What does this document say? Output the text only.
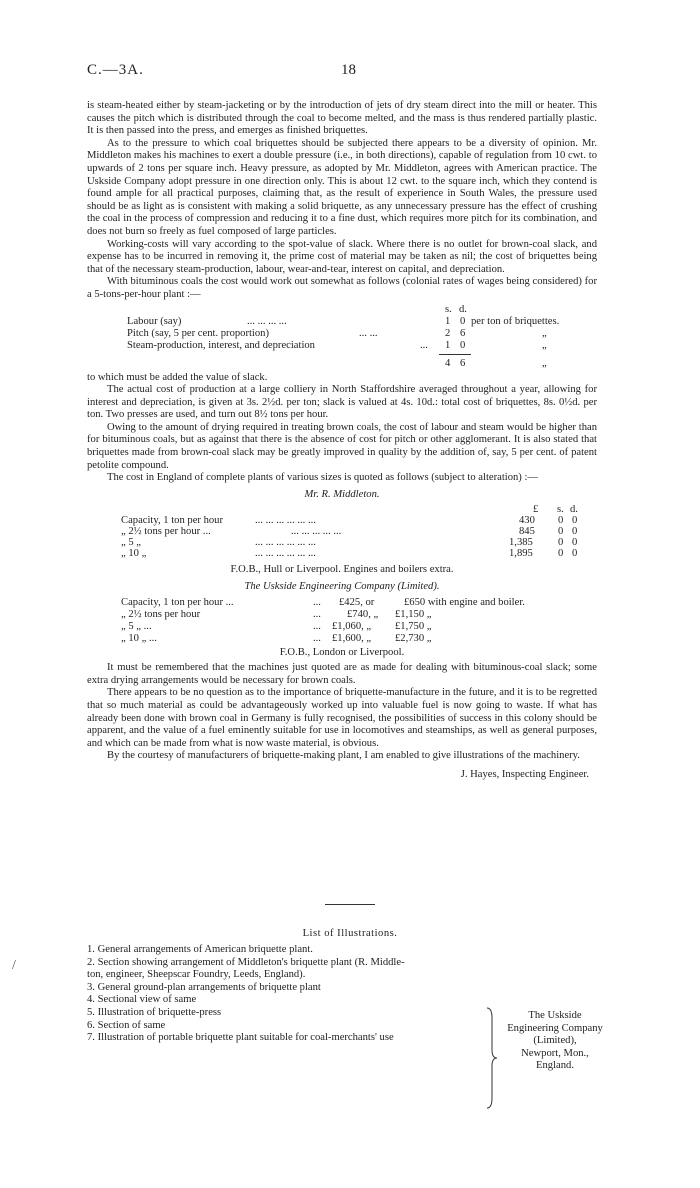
C.—3A.	18

is steam-heated either by steam-jacketing or by the introduction of jets of dry steam direct into the mill or heater. This causes the pitch which is distributed through the coal to become melted, and the mass is thus rendered partially plastic. It is then passed into the press, and emerges as finished briquettes.

As to the pressure to which coal briquettes should be subjected there appears to be a diversity of opinion. Mr. Middleton makes his machines to exert a double pressure (i.e., in both directions), capable of regulation from 10 cwt. to upwards of 2 tons per square inch. Heavy pressure, as adopted by Mr. Middleton, agrees with American practice. The Uskside Company adopt pressure in one direction only. This is about 12 cwt. to the square inch, which they contend is found ample for all practical purposes, claiming that, as the result of experience in South Wales, the pressure used should be as light as is consistent with making a solid briquette, as any unnecessary pressure has the effect of crushing the coal in the process of compression and reducing it to a fine dust, which requires more pitch for its combination, and does not burn so freely as fuel composed of large particles.

Working-costs will vary according to the spot-value of slack. Where there is no outlet for brown-coal slack, and expense has to be incurred in removing it, the prime cost of material may be taken as nil; the cost of briquettes being that of the necessary steam-production, labour, wear-and-tear, interest on capital, and depreciation.

With bituminous coals the cost would work out somewhat as follows (colonial rates of wages being considered) for a 5-tons-per-hour plant :—

s. d.
Labour (say)	... ... ... ...	1 0 per ton of briquettes.
Pitch (say, 5 per cent. proportion)	... ...	2 6	„
Steam-production, interest, and depreciation	... 1 0	„
4 6	„

to which must be added the value of slack.

The actual cost of production at a large colliery in North Staffordshire averaged throughout a year, allowing for interest and depreciation, is given at 3s. 2½d. per ton; slack is valued at 4s. 10d.: total cost of briquettes, 8s. 0½d. per ton. Two presses are used, and turn out 8½ tons per hour.

Owing to the amount of drying required in treating brown coals, the cost of labour and steam would be higher than for bituminous coals, but as against that there is the absence of cost for pitch or other agglomerant. It is also stated that briquettes made from brown-coal slack may be greatly improved in quality by the addition of, say, 5 per cent. of patent petolite compound.

The cost in England of complete plants of various sizes is quoted as follows (subject to alteration) :—

Mr. R. Middleton.
£ s. d.
Capacity, 1 ton per hour	... ... ... ... ... ...	430 0 0
„ 2½ tons per hour ...	... ... ... ... ...	845 0 0
„ 5 „	... ... ... ... ... ...	1,385 0 0
„ 10 „	... ... ... ... ... ...	1,895 0 0
F.O.B., Hull or Liverpool. Engines and boilers extra.
The Uskside Engineering Company (Limited).
Capacity, 1 ton per hour ...	... £425, or	£650 with engine and boiler.
„ 2½ tons per hour	... £740, „ £1,150 „
„ 5 „ ...	... £1,060, „ £1,750 „
„ 10 „ ...	... £1,600, „ £2,730 „
F.O.B., London or Liverpool.

It must be remembered that the machines just quoted are as made for dealing with bituminous-coal slack; some extra drying arrangements would be necessary for brown coals.

There appears to be no question as to the importance of briquette-manufacture in the future, and it is to be regretted that so much material as could be advantageously worked up into valuable fuel is now going to waste. If what has already been done with brown coal in Germany is fully recognised, the possibilities of success in this colony should be apparent, and the value of a fuel eminently suitable for use in locomotives and steamships, as well as general purposes, and which can be made from what is now waste material, is obvious.

By the courtesy of manufacturers of briquette-making plant, I am enabled to give illustrations of the machinery.

J. Hayes, Inspecting Engineer.
List of Illustrations.
1. General arrangements of American briquette plant.
2. Section showing arrangement of Middleton's briquette plant (R. Middle-
ton, engineer, Sheepscar Foundry, Leeds, England).
3. General ground-plan arrangements of briquette plant
4. Sectional view of same
5. Illustration of briquette-press
6. Section of same
7. Illustration of portable briquette plant suitable for coal-merchants' use
The Uskside
Engineering Company
(Limited),
Newport, Mon.,
England.
/
